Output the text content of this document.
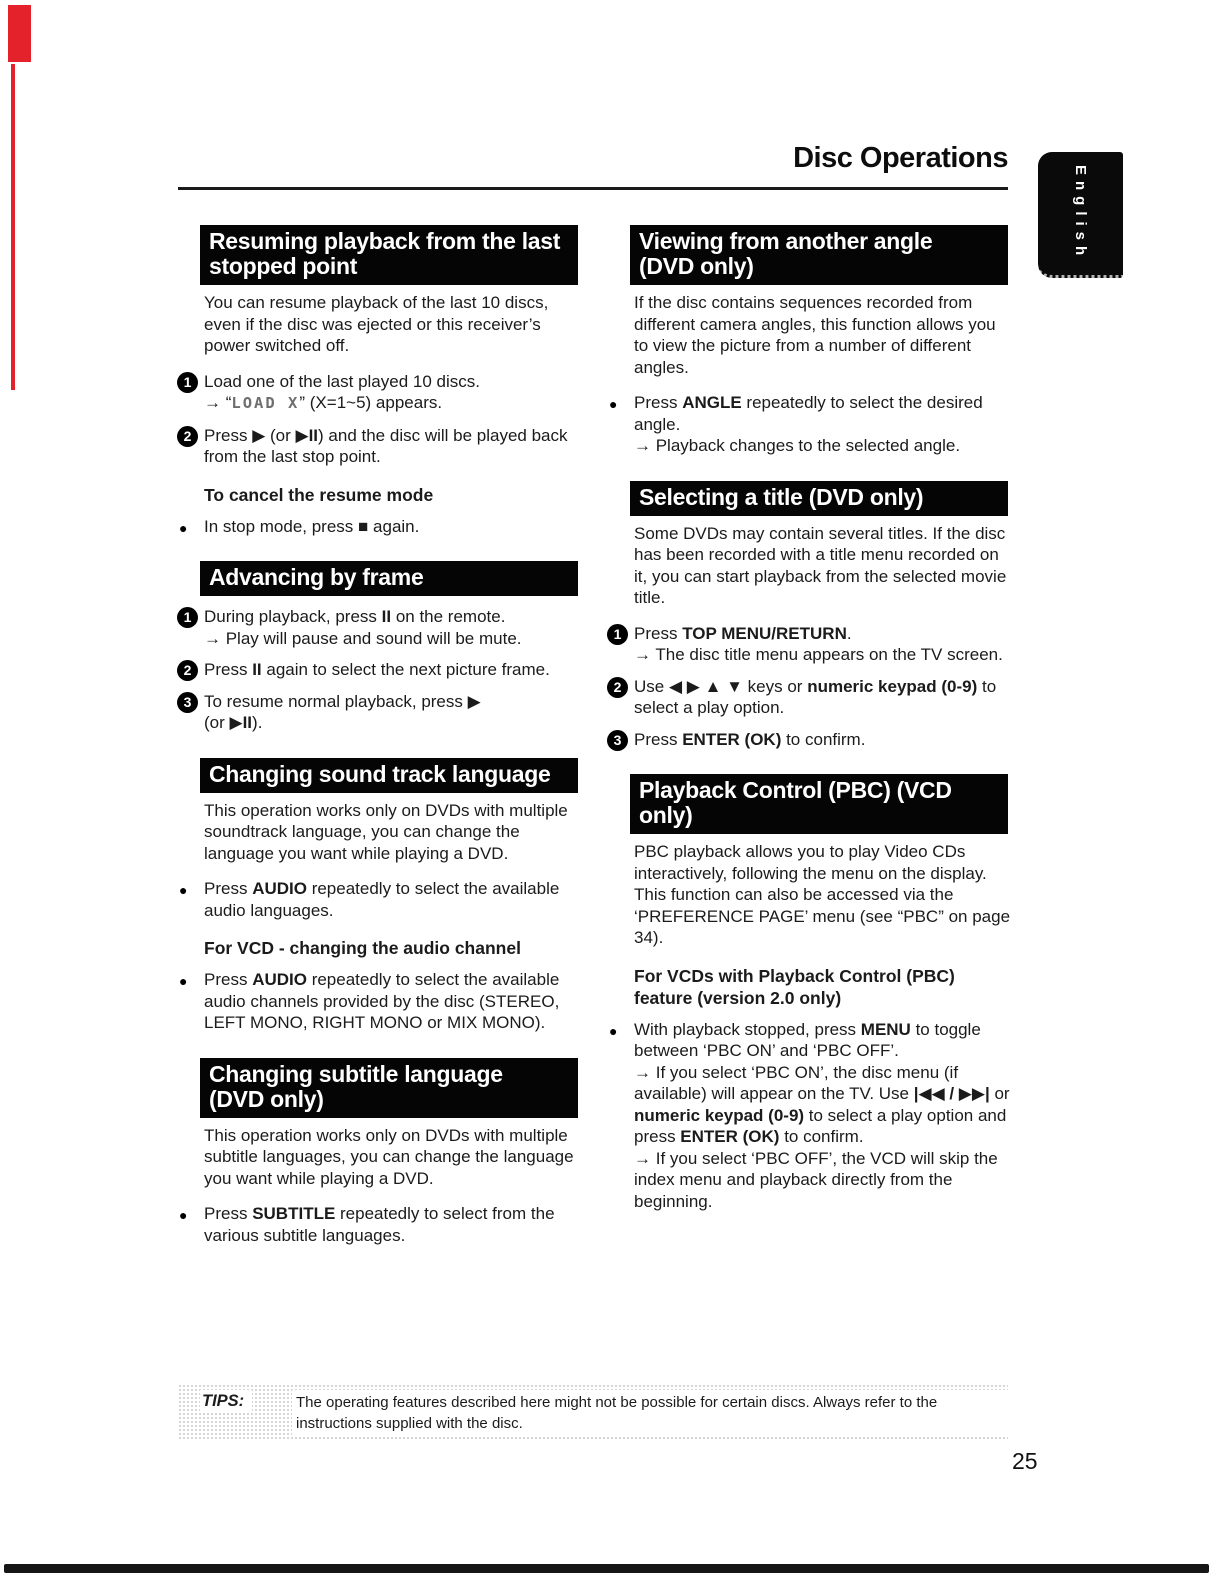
Disc Operations
English
Resuming playback from the last
stopped point
You can resume playback of the last 10 discs, even if the disc was ejected or this receiver’s power switched off.
1 Load one of the last played 10 discs.
→ “LOAD X” (X=1~5) appears.
2 Press ▶ (or ▶II) and the disc will be played back from the last stop point.
To cancel the resume mode
● In stop mode, press ■ again.
Advancing by frame
1 During playback, press II on the remote.
→ Play will pause and sound will be mute.
2 Press II again to select the next picture frame.
3 To resume normal playback, press ▶
(or ▶II).
Changing sound track language
This operation works only on DVDs with multiple soundtrack language, you can change the language you want while playing a DVD.
● Press AUDIO repeatedly to select the available audio languages.
For VCD - changing the audio channel
● Press AUDIO repeatedly to select the available audio channels provided by the disc (STEREO, LEFT MONO, RIGHT MONO or MIX MONO).
Changing subtitle language
(DVD only)
This operation works only on DVDs with multiple subtitle languages, you can change the language you want while playing a DVD.
● Press SUBTITLE repeatedly to select from the various subtitle languages.
Viewing from another angle
(DVD only)
If the disc contains sequences recorded from different camera angles, this function allows you to view the picture from a number of different angles.
● Press ANGLE repeatedly to select the desired angle.
→ Playback changes to the selected angle.
Selecting a title (DVD only)
Some DVDs may contain several titles. If the disc has been recorded with a title menu recorded on it, you can start playback from the selected movie title.
1 Press TOP MENU/RETURN.
→ The disc title menu appears on the TV screen.
2 Use ◀ ▶ ▲ ▼ keys or numeric keypad (0-9) to select a play option.
3 Press ENTER (OK) to confirm.
Playback Control (PBC) (VCD only)
PBC playback allows you to play Video CDs interactively, following the menu on the display. This function can also be accessed via the ‘PREFERENCE PAGE’ menu (see “PBC” on page 34).
For VCDs with Playback Control (PBC)
feature (version 2.0 only)
● With playback stopped, press MENU to toggle between ‘PBC ON’ and ‘PBC OFF’.
→ If you select ‘PBC ON’, the disc menu (if available) will appear on the TV. Use |◀◀ / ▶▶| or numeric keypad (0-9) to select a play option and press ENTER (OK) to confirm.
→ If you select ‘PBC OFF’, the VCD will skip the index menu and playback directly from the beginning.
TIPS:	The operating features described here might not be possible for certain discs. Always refer to the
instructions supplied with the disc.
25
